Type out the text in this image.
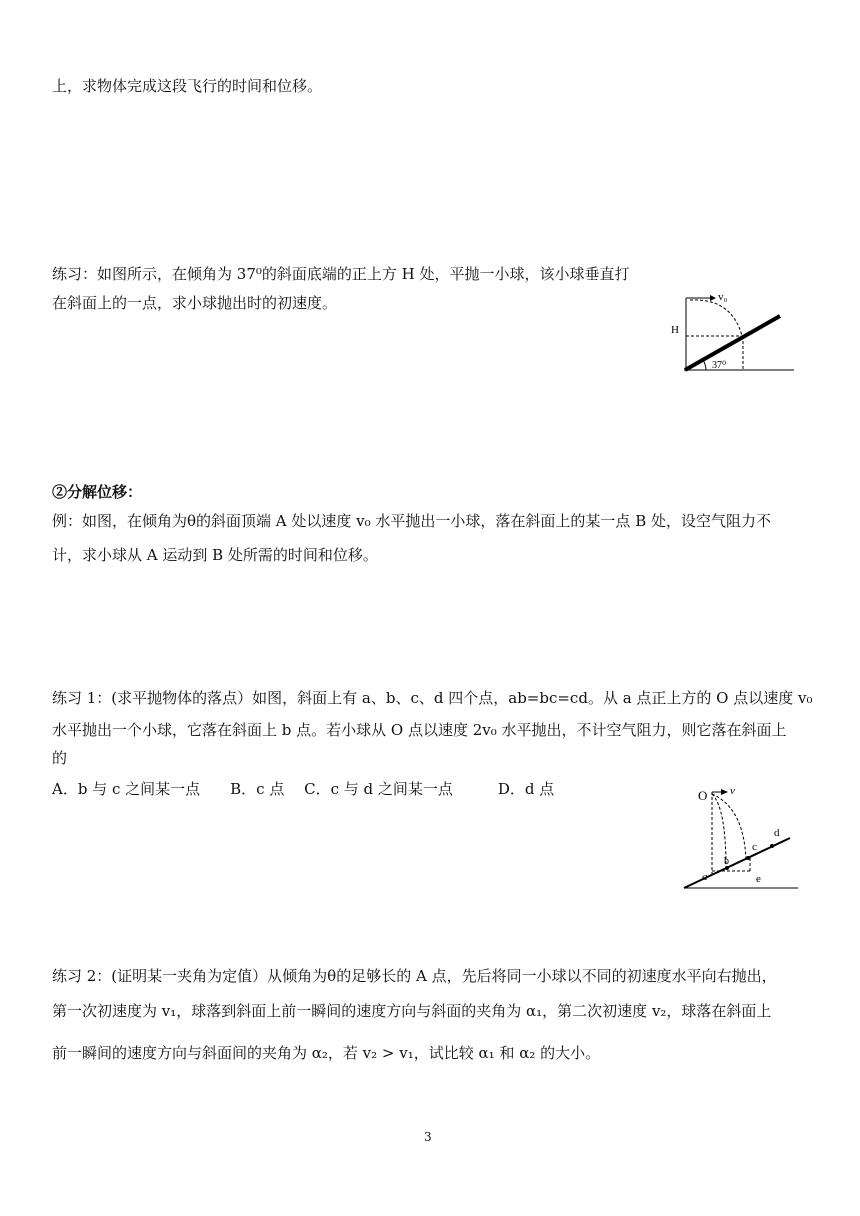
上，求物体完成这段飞行的时间和位移。
练习：如图所示，在倾角为 37⁰的斜面底端的正上方 H 处，平抛一小球，该小球垂直打
在斜面上的一点，求小球抛出时的初速度。	v₀
H
37⁰
②分解位移：
例：如图，在倾角为θ的斜面顶端 A 处以速度 v₀ 水平抛出一小球，落在斜面上的某一点 B 处，设空气阻力不
计，求小球从 A 运动到 B 处所需的时间和位移。
练习 1：(求平抛物体的落点）如图，斜面上有 a、b、c、d 四个点，ab=bc=cd。从 a 点正上方的 O 点以速度 v₀
水平抛出一个小球，它落在斜面上 b 点。若小球从 O 点以速度 2v₀ 水平抛出，不计空气阻力，则它落在斜面上
的
A．b 与 c 之间某一点　　B．c 点　 C．c 与 d 之间某一点　　　D．d 点	O v
a
b
c
d
e
练习 2：(证明某一夹角为定值）从倾角为θ的足够长的 A 点，先后将同一小球以不同的初速度水平向右抛出，
第一次初速度为 v₁，球落到斜面上前一瞬间的速度方向与斜面的夹角为 α₁，第二次初速度 v₂，球落在斜面上
前一瞬间的速度方向与斜面间的夹角为 α₂，若 v₂ > v₁，试比较 α₁ 和 α₂ 的大小。
3
